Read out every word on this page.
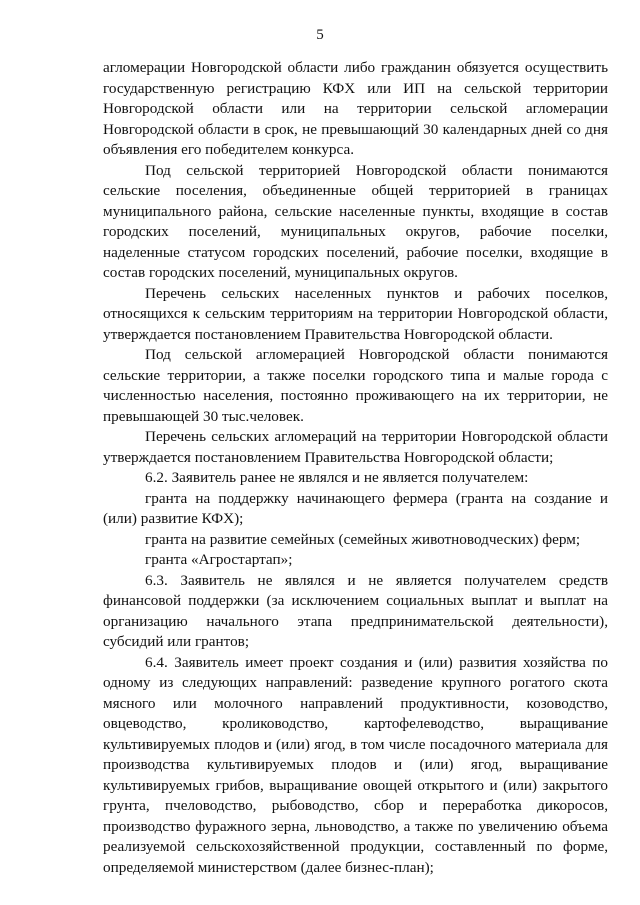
5

агломерации Новгородской области либо гражданин обязуется осуществить государственную регистрацию КФХ или ИП на сельской территории Новгородской области или на территории сельской агломерации Новгородской области в срок, не превышающий 30 календарных дней со дня объявления его победителем конкурса.

Под сельской территорией Новгородской области понимаются сельские поселения, объединенные общей территорией в границах муниципального района, сельские населенные пункты, входящие в состав городских поселений, муниципальных округов, рабочие поселки, наделенные статусом городских поселений, рабочие поселки, входящие в состав городских поселений, муниципальных округов.

Перечень сельских населенных пунктов и рабочих поселков, относящихся к сельским территориям на территории Новгородской области, утверждается постановлением Правительства Новгородской области.

Под сельской агломерацией Новгородской области понимаются сельские территории, а также поселки городского типа и малые города с численностью населения, постоянно проживающего на их территории, не превышающей 30 тыс.человек.

Перечень сельских агломераций на территории Новгородской области утверждается постановлением Правительства Новгородской области;

6.2. Заявитель ранее не являлся и не является получателем:

гранта на поддержку начинающего фермера (гранта на создание и (или) развитие КФХ);

гранта на развитие семейных (семейных животноводческих) ферм;

гранта «Агростартап»;

6.3. Заявитель не являлся и не является получателем средств финансовой поддержки (за исключением социальных выплат и выплат на организацию начального этапа предпринимательской деятельности), субсидий или грантов;

6.4. Заявитель имеет проект создания и (или) развития хозяйства по одному из следующих направлений: разведение крупного рогатого скота мясного или молочного направлений продуктивности, козоводство, овцеводство, кролиководство, картофелеводство, выращивание культивируемых плодов и (или) ягод, в том числе посадочного материала для производства культивируемых плодов и (или) ягод, выращивание культивируемых грибов, выращивание овощей открытого и (или) закрытого грунта, пчеловодство, рыбоводство, сбор и переработка дикоросов, производство фуражного зерна, льноводство, а также по увеличению объема реализуемой сельскохозяйственной продукции, составленный по форме, определяемой министерством (далее бизнес-план);
